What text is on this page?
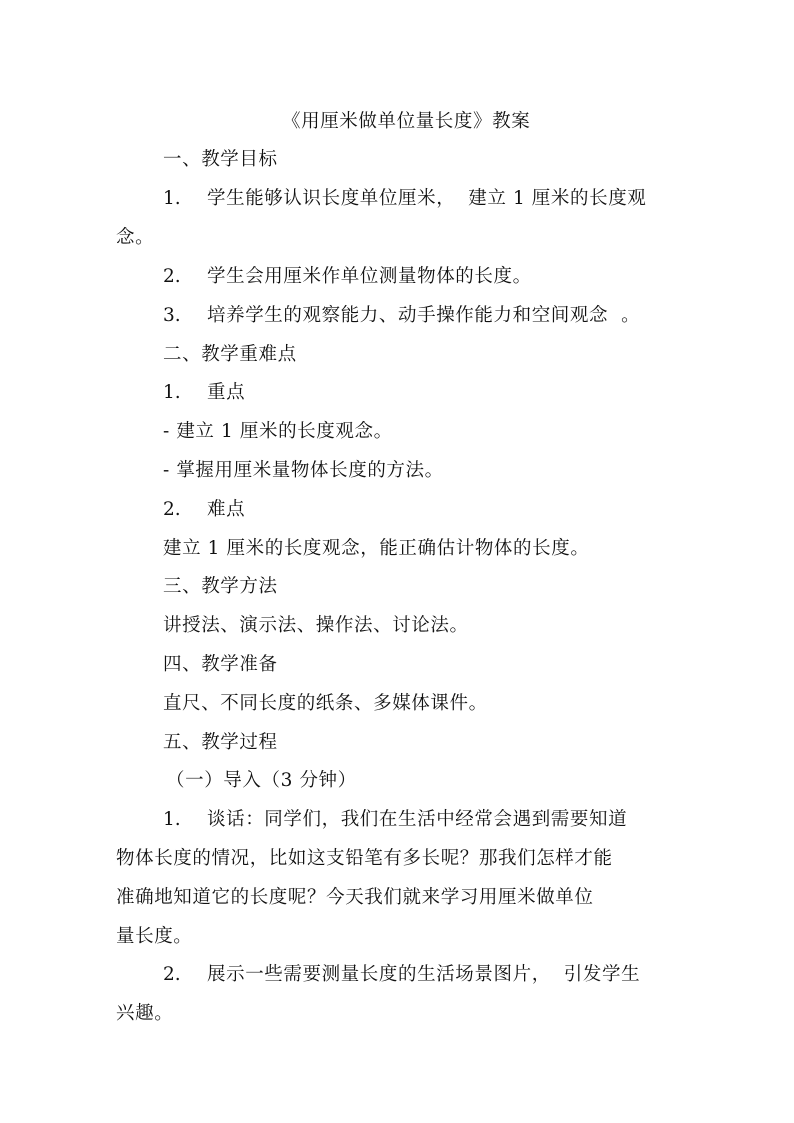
《用厘米做单位量长度》教案
一、教学目标
1. 学生能够认识长度单位厘米，  建立 1 厘米的长度观
念。
2. 学生会用厘米作单位测量物体的长度。
3. 培养学生的观察能力、动手操作能力和空间观念  。
二、教学重难点
1. 重点
- 建立 1 厘米的长度观念。
- 掌握用厘米量物体长度的方法。
2. 难点
建立 1 厘米的长度观念，能正确估计物体的长度。
三、教学方法
讲授法、演示法、操作法、讨论法。
四、教学准备
直尺、不同长度的纸条、多媒体课件。
五、教学过程
（一）导入（3 分钟）
1. 谈话：同学们，我们在生活中经常会遇到需要知道
物体长度的情况，比如这支铅笔有多长呢？那我们怎样才能
准确地知道它的长度呢？今天我们就来学习用厘米做单位
量长度。
2. 展示一些需要测量长度的生活场景图片，  引发学生
兴趣。
